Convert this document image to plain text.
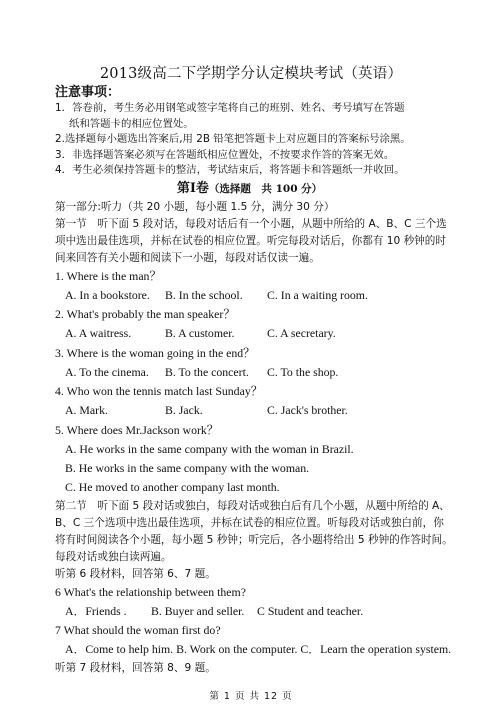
2013级高二下学期学分认定模块考试（英语）
注意事项：
1．答卷前，考生务必用钢笔或签字笔将自己的班别、姓名、考号填写在答题
纸和答题卡的相应位置处。
2.选择题每小题选出答案后,用 2B 铅笔把答题卡上对应题目的答案标号涂黑。
3．非选择题答案必须写在答题纸相应位置处，不按要求作答的答案无效。
4．考生必须保持答题卡的整洁，考试结束后，将答题卡和答题纸一并收回。
第Ⅰ卷（选择题　共 100 分）
第一部分:听力（共 20 小题，每小题 1.5 分，满分 30 分）
第一节　听下面 5 段对话，每段对话后有一个小题，从题中所给的 A、B、C 三个选项中选出最佳选项，并标在试卷的相应位置。听完每段对话后，你都有 10 秒钟的时间来回答有关小题和阅读下一小题，每段对话仅读一遍。
1. Where is the man？
A. In a bookstore.	B. In the school.	C. In a waiting room.
2. What's probably the man speaker？
A. A waitress.	B. A customer.	C. A secretary.
3. Where is the woman going in the end？
A. To the cinema.	B. To the concert.	C. To the shop.
4. Who won the tennis match last Sunday？
A. Mark.	B. Jack.	C. Jack's brother.
5. Where does Mr.Jackson work？
A. He works in the same company with the woman in Brazil.
B. He works in the same company with the woman.
C. He moved to another company last month.
第二节　听下面 5 段对话或独白，每段对话或独白后有几个小题，从题中所给的 A、B、C 三个选项中选出最佳选项，并标在试卷的相应位置。听每段对话或独白前，你将有时间阅读各个小题，每小题 5 秒钟；听完后，各小题将给出 5 秒钟的作答时间。每段对话或独白读两遍。
听第 6 段材料，回答第 6、7 题。
6 What's the relationship between them?
A．Friends .	B. Buyer and seller.	C Student and teacher.
7 What should the woman first do?
A．Come to help him. B. Work on the computer. C．Learn the operation system.
听第 7 段材料，回答第 8、9 题。
第 1 页 共 12 页
